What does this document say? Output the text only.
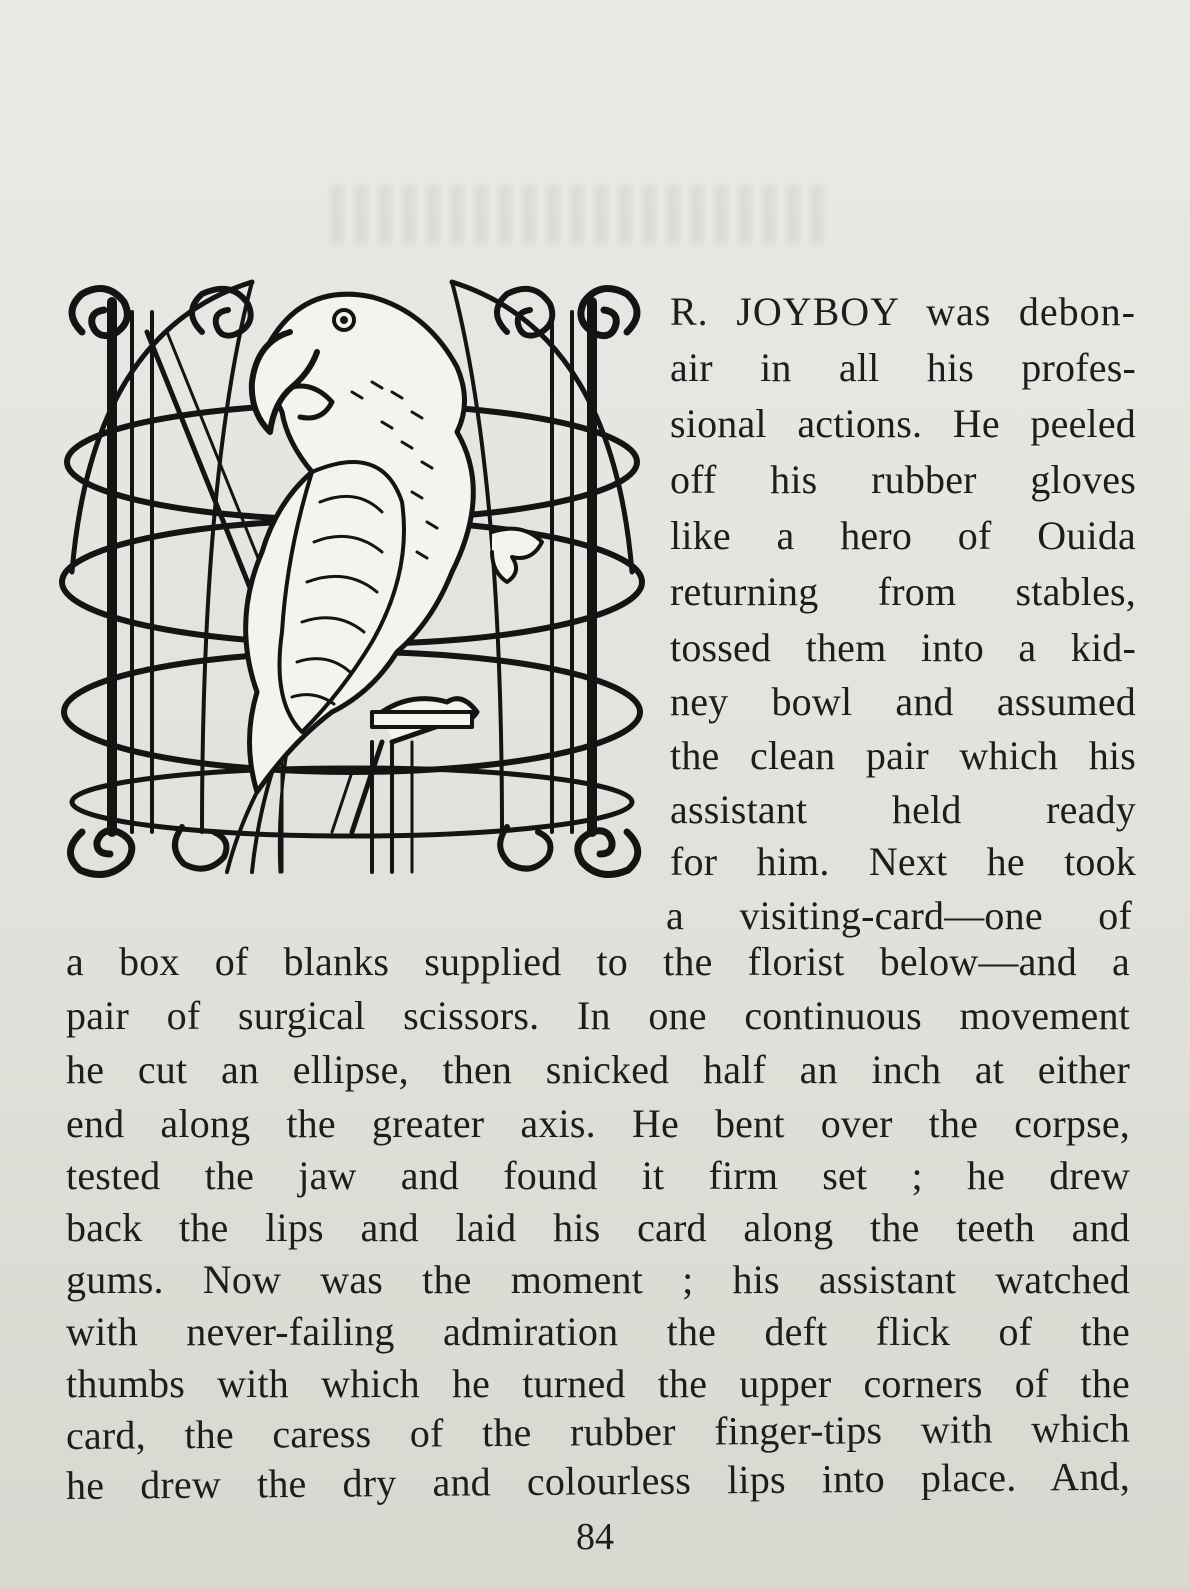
R. JOYBOY was debon-
air in all his profes-
sional actions. He peeled
off his rubber gloves
like a hero of Ouida
returning from stables,
tossed them into a kid-
ney bowl and assumed
the clean pair which his
assistant held ready
for him. Next he took
a visiting-card—one of
a box of blanks supplied to the florist below—and a
pair of surgical scissors. In one continuous movement
he cut an ellipse, then snicked half an inch at either
end along the greater axis. He bent over the corpse,
tested the jaw and found it firm set ; he drew
back the lips and laid his card along the teeth and
gums. Now was the moment ; his assistant watched
with never-failing admiration the deft flick of the
thumbs with which he turned the upper corners of the
card, the caress of the rubber finger-tips with which
he drew the dry and colourless lips into place. And,
84
